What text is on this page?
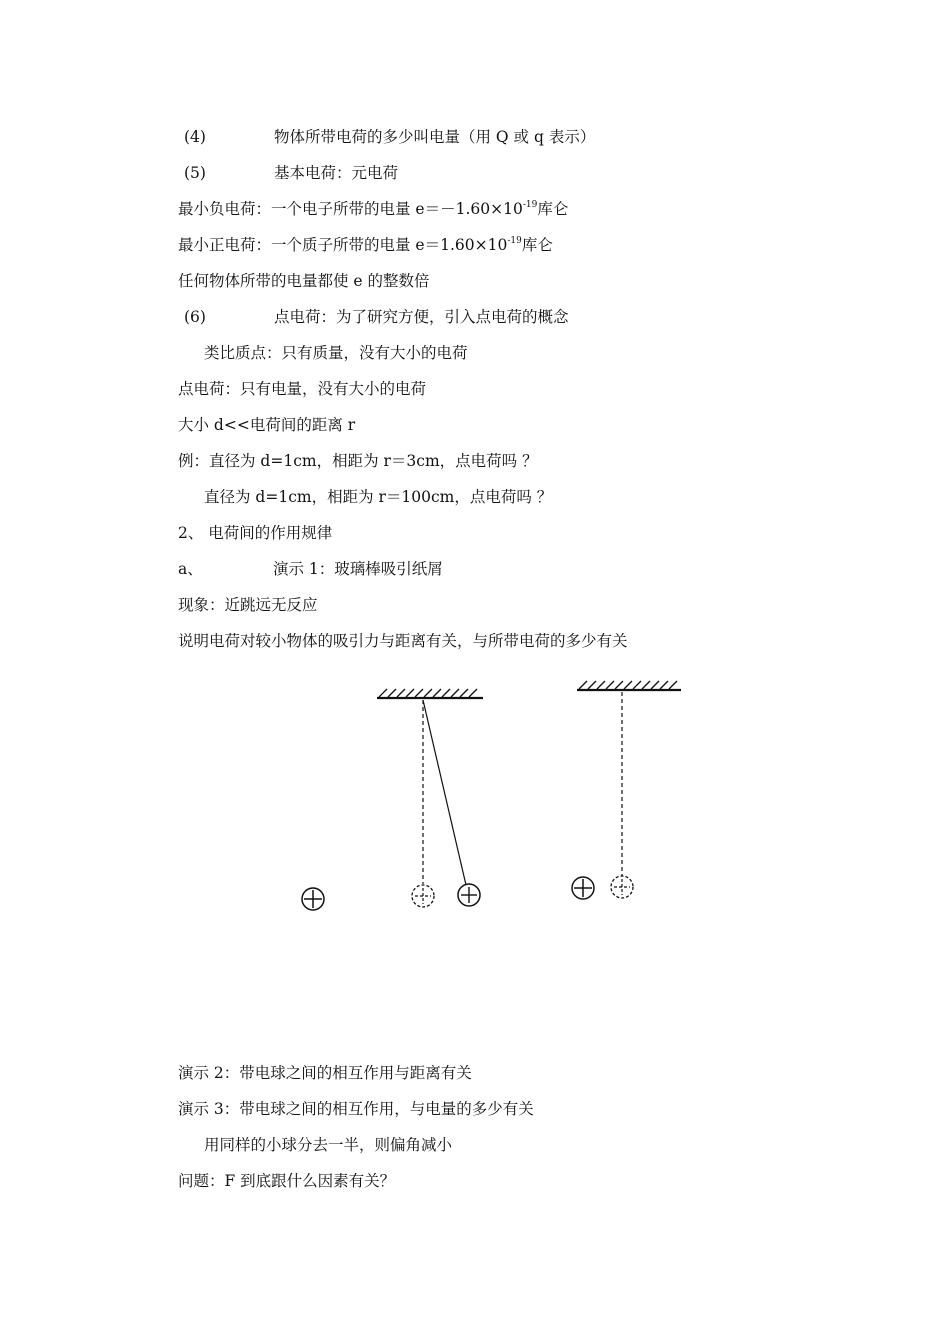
(4)	物体所带电荷的多少叫电量（用 Q 或 q 表示）
(5)	基本电荷：元电荷
最小负电荷：一个电子所带的电量 $e=-1.60\times 10^{-19}$库仑
最小正电荷：一个质子所带的电量 $e=1.60\times 10^{-19}$库仑
任何物体所带的电量都使 e 的整数倍
(6)	点电荷：为了研究方便，引入点电荷的概念
类比质点：只有质量，没有大小的电荷
点电荷：只有电量，没有大小的电荷
大小 d<<电荷间的距离 r
例：直径为 d=1cm，相距为 r＝3cm，点电荷吗 ？
直径为 d=1cm，相距为 r＝100cm，点电荷吗 ？
2、 电荷间的作用规律
a、	演示 1：玻璃棒吸引纸屑
现象：近跳远无反应
说明电荷对较小物体的吸引力与距离有关，与所带电荷的多少有关
演示 2：带电球之间的相互作用与距离有关
演示 3：带电球之间的相互作用，与电量的多少有关
用同样的小球分去一半，则偏角减小
问题：F 到底跟什么因素有关？
